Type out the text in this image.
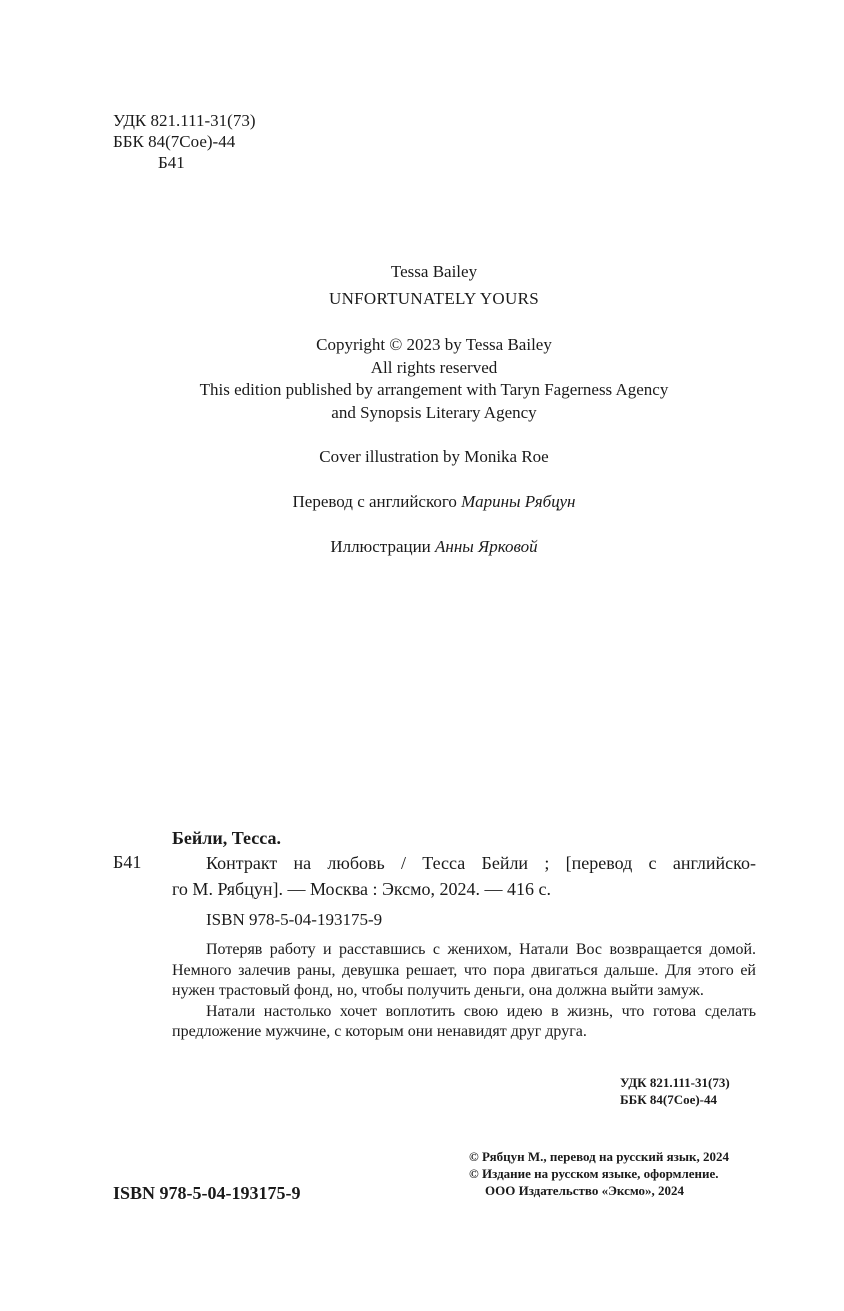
УДК 821.111-31(73)
ББК 84(7Сое)-44
Б41
Tessa Bailey
UNFORTUNATELY YOURS
Copyright © 2023 by Tessa Bailey
All rights reserved
This edition published by arrangement with Taryn Fagerness Agency
and Synopsis Literary Agency
Cover illustration by Monika Roe
Перевод с английского Марины Рябцун
Иллюстрации Анны Ярковой
Бейли, Тесса.
Б41	Контракт на любовь / Тесса Бейли ; [перевод с английско-
го М. Рябцун]. — Москва : Эксмо, 2024. — 416 с.
ISBN 978-5-04-193175-9

Потеряв работу и расставшись с женихом, Натали Вос возвращается домой. Немного залечив раны, девушка решает, что пора двигаться дальше. Для этого ей нужен трастовый фонд, но, чтобы получить деньги, она должна выйти замуж.

Натали настолько хочет воплотить свою идею в жизнь, что готова сделать предложение мужчине, с которым они ненавидят друг друга.

УДК 821.111-31(73)
ББК 84(7Сое)-44
ISBN 978-5-04-193175-9
© Рябцун М., перевод на русский язык, 2024
© Издание на русском языке, оформление.
ООО Издательство «Эксмо», 2024
